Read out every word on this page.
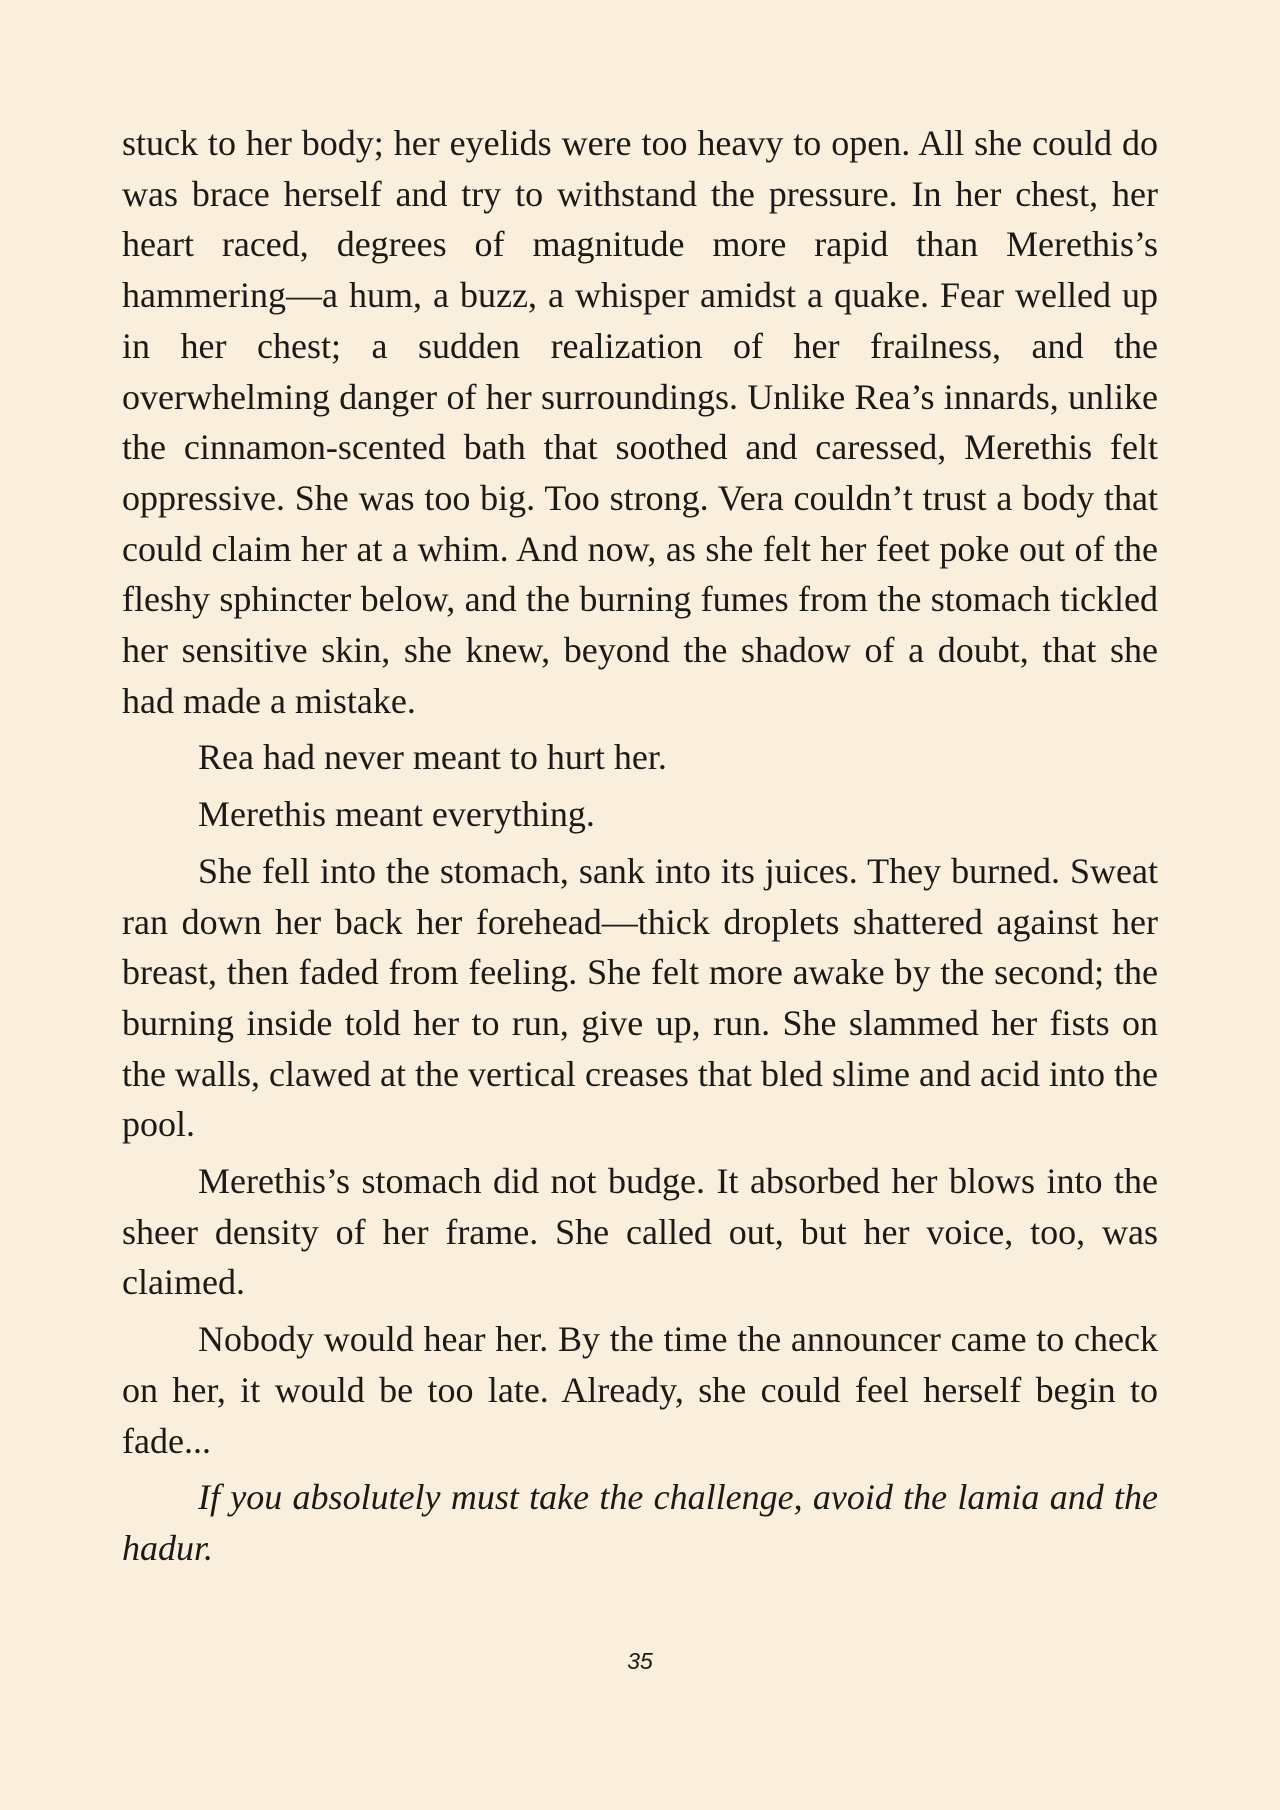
stuck to her body; her eyelids were too heavy to open. All she could do was brace herself and try to withstand the pressure. In her chest, her heart raced, degrees of magnitude more rapid than Merethis’s hammering—a hum, a buzz, a whisper amidst a quake. Fear welled up in her chest; a sudden realization of her frailness, and the overwhelming danger of her surroundings. Unlike Rea’s innards, unlike the cinnamon-scented bath that soothed and caressed, Merethis felt oppressive. She was too big. Too strong. Vera couldn’t trust a body that could claim her at a whim. And now, as she felt her feet poke out of the fleshy sphincter below, and the burning fumes from the stomach tickled her sensitive skin, she knew, beyond the shadow of a doubt, that she had made a mistake.

Rea had never meant to hurt her.

Merethis meant everything.

She fell into the stomach, sank into its juices. They burned. Sweat ran down her back her forehead—thick droplets shattered against her breast, then faded from feeling. She felt more awake by the second; the burning inside told her to run, give up, run. She slammed her fists on the walls, clawed at the vertical creases that bled slime and acid into the pool.

Merethis’s stomach did not budge. It absorbed her blows into the sheer density of her frame. She called out, but her voice, too, was claimed.

Nobody would hear her. By the time the announcer came to check on her, it would be too late. Already, she could feel herself begin to fade...

If you absolutely must take the challenge, avoid the lamia and the hadur.

35
